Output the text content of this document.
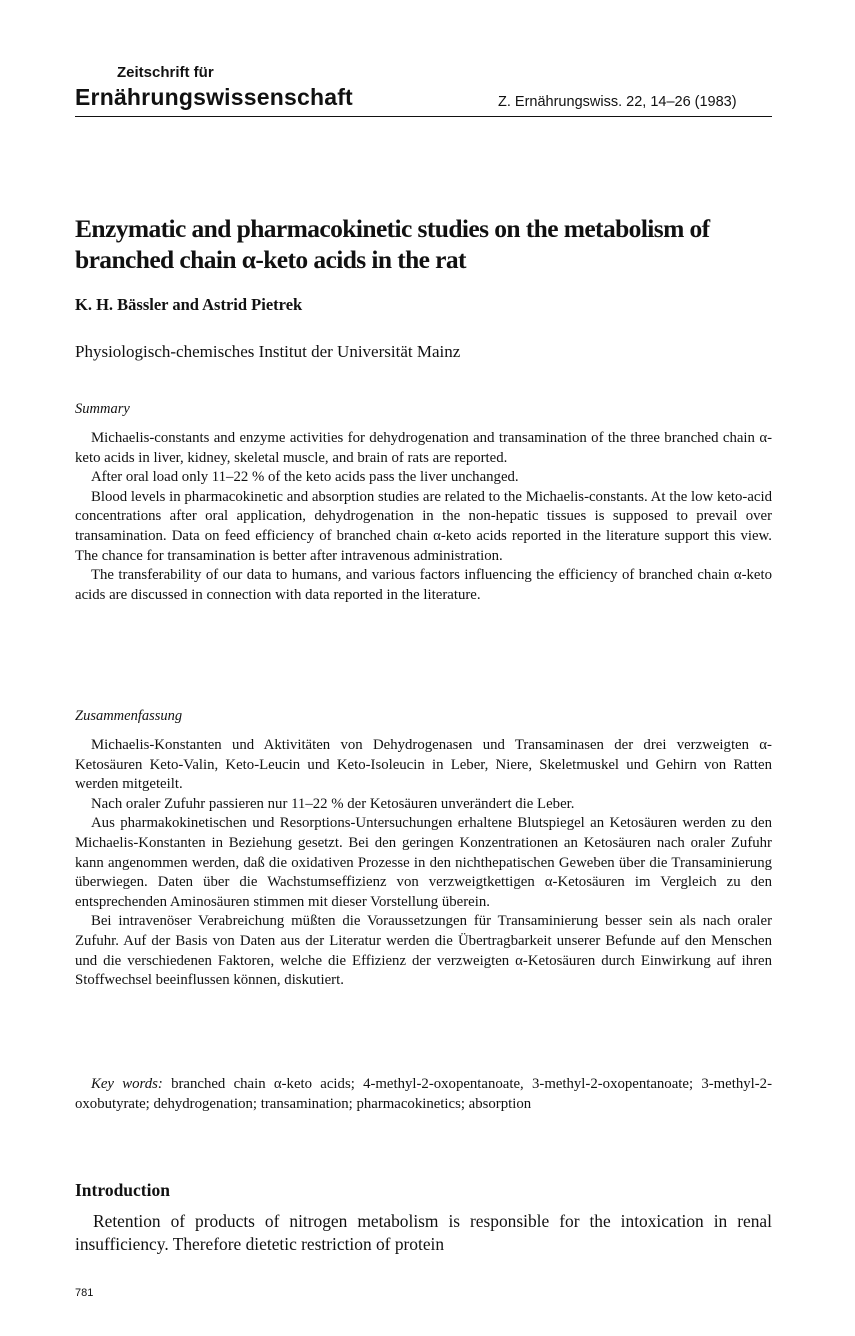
Zeitschrift für
Ernährungswissenschaft	Z. Ernährungswiss. 22, 14–26 (1983)
Enzymatic and pharmacokinetic studies on the metabolism of branched chain α-keto acids in the rat
K. H. Bässler and Astrid Pietrek
Physiologisch-chemisches Institut der Universität Mainz
Summary

Michaelis-constants and enzyme activities for dehydrogenation and transamination of the three branched chain α-keto acids in liver, kidney, skeletal muscle, and brain of rats are reported.

After oral load only 11–22 % of the keto acids pass the liver unchanged.

Blood levels in pharmacokinetic and absorption studies are related to the Michaelis-constants. At the low keto-acid concentrations after oral application, dehydrogenation in the non-hepatic tissues is supposed to prevail over transamination. Data on feed efficiency of branched chain α-keto acids reported in the literature support this view. The chance for transamination is better after intravenous administration.

The transferability of our data to humans, and various factors influencing the efficiency of branched chain α-keto acids are discussed in connection with data reported in the literature.

Zusammenfassung

Michaelis-Konstanten und Aktivitäten von Dehydrogenasen und Transaminasen der drei verzweigten α-Ketosäuren Keto-Valin, Keto-Leucin und Keto-Isoleucin in Leber, Niere, Skeletmuskel und Gehirn von Ratten werden mitgeteilt.

Nach oraler Zufuhr passieren nur 11–22 % der Ketosäuren unverändert die Leber.

Aus pharmakokinetischen und Resorptions-Untersuchungen erhaltene Blutspiegel an Ketosäuren werden zu den Michaelis-Konstanten in Beziehung gesetzt. Bei den geringen Konzentrationen an Ketosäuren nach oraler Zufuhr kann angenommen werden, daß die oxidativen Prozesse in den nichthepatischen Geweben über die Transaminierung überwiegen. Daten über die Wachstumseffizienz von verzweigtkettigen α-Ketosäuren im Vergleich zu den entsprechenden Aminosäuren stimmen mit dieser Vorstellung überein.

Bei intravenöser Verabreichung müßten die Voraussetzungen für Transaminierung besser sein als nach oraler Zufuhr. Auf der Basis von Daten aus der Literatur werden die Übertragbarkeit unserer Befunde auf den Menschen und die verschiedenen Faktoren, welche die Effizienz der verzweigten α-Ketosäuren durch Einwirkung auf ihren Stoffwechsel beeinflussen können, diskutiert.

Key words: branched chain α-keto acids; 4-methyl-2-oxopentanoate, 3-methyl-2-oxopentanoate; 3-methyl-2-oxobutyrate; dehydrogenation; transamination; pharmacokinetics; absorption

Introduction

Retention of products of nitrogen metabolism is responsible for the intoxication in renal insufficiency. Therefore dietetic restriction of protein

781
